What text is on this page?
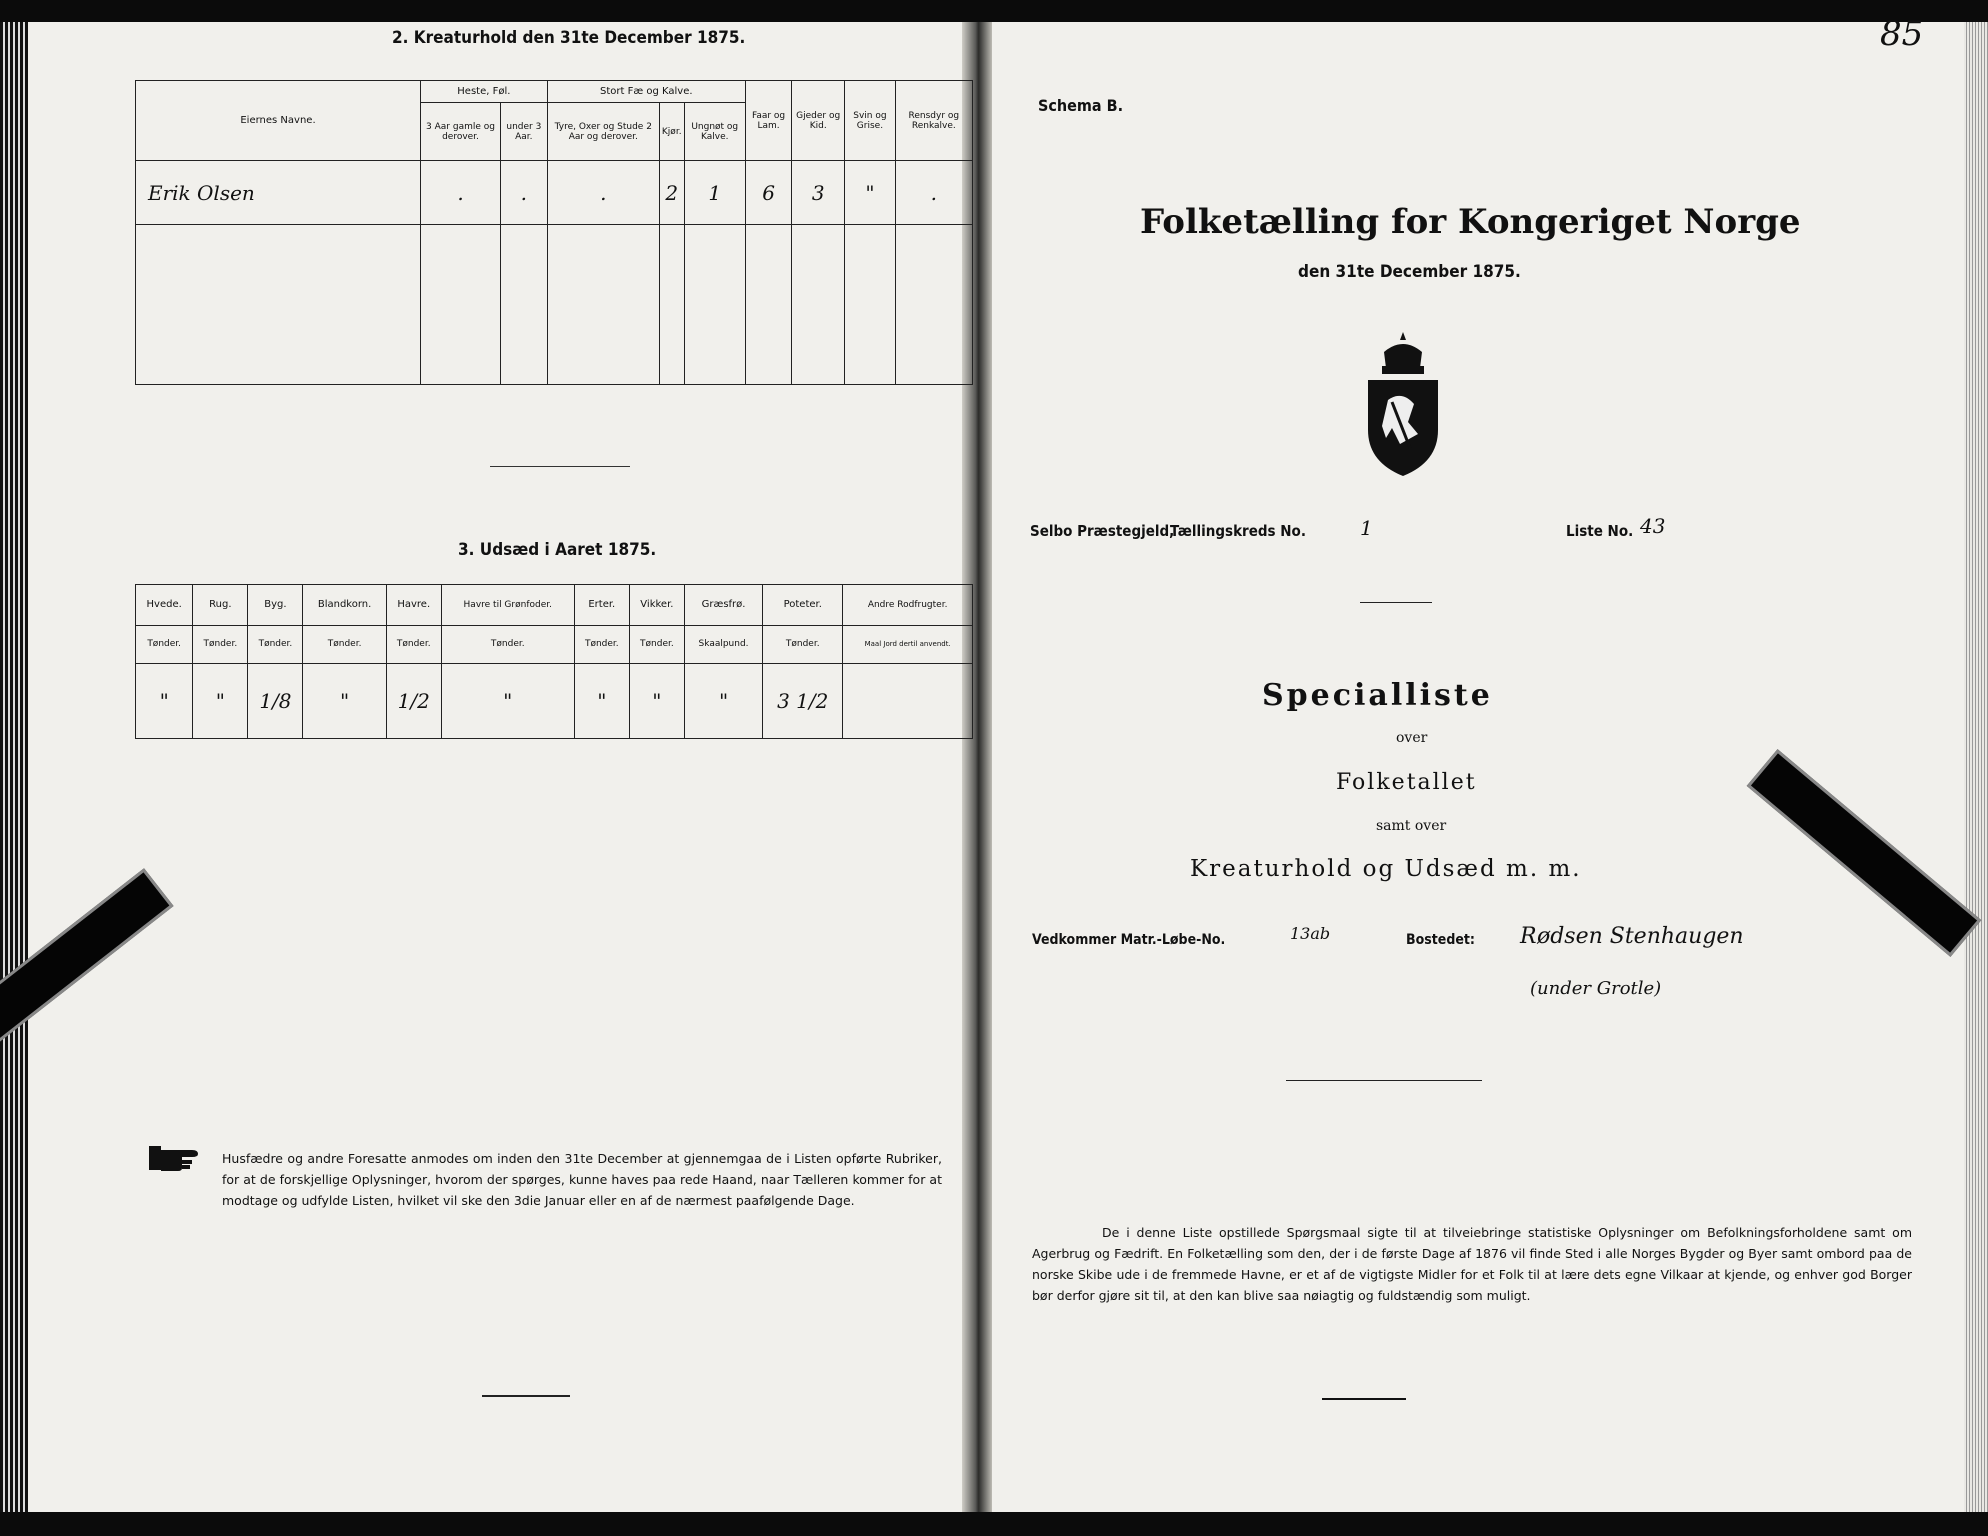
85
2. Kreaturhold den 31te December 1875.
Eiernes Navne.	Heste, Føl.		Stort Fæ og Kalve.			Faar og Lam.	Gjeder og Kid.	Svin og Grise.	Rensdyr og Renkalve.
	3 Aar gamle og derover.	under 3 Aar.	Tyre, Oxer og Stude 2 Aar og derover.	Kjør.	Ungnøt og Kalve.				
Erik Olsen	.	.	.	2	1	6	3	"	.

3. Udsæd i Aaret 1875.
Hvede.	Rug.	Byg.	Blandkorn.	Havre.	Havre til Grønfoder.	Erter.	Vikker.	Græsfrø.	Poteter.	Andre Rodfrugter.
Tønder.	Tønder.	Tønder.	Tønder.	Tønder.	Tønder.	Tønder.	Tønder.	Skaalpund.	Tønder.	Maal Jord dertil anvendt.
"	"	1/8	"	1/2	"	"	"	"	3 1/2	
Husfædre og andre Foresatte anmodes om inden den 31te December at gjennemgaa de i Listen opførte Rubriker, for at de forskjellige Oplysninger, hvorom der spørges, kunne haves paa rede Haand, naar Tælleren kommer for at modtage og udfylde Listen, hvilket vil ske den 3die Januar eller en af de nærmest paafølgende Dage.
Schema B.
Folketælling for Kongeriget Norge
den 31te December 1875.
Selbo Præstegjeld,
Tællingskreds No.	1	Liste No. 43
Specialliste
over
Folketallet
samt over
Kreaturhold og Udsæd m. m.
Vedkommer Matr.-Løbe-No.	13ab	Bostedet: Rødsen Stenhaugen
(under Grotle)
De i denne Liste opstillede Spørgsmaal sigte til at tilveiebringe statistiske Oplysninger om Befolkningsforholdene samt om Agerbrug og Fædrift. En Folketælling som den, der i de første Dage af 1876 vil finde Sted i alle Norges Bygder og Byer samt ombord paa de norske Skibe ude i de fremmede Havne, er et af de vigtigste Midler for et Folk til at lære dets egne Vilkaar at kjende, og enhver god Borger bør derfor gjøre sit til, at den kan blive saa nøiagtig og fuldstændig som muligt.
